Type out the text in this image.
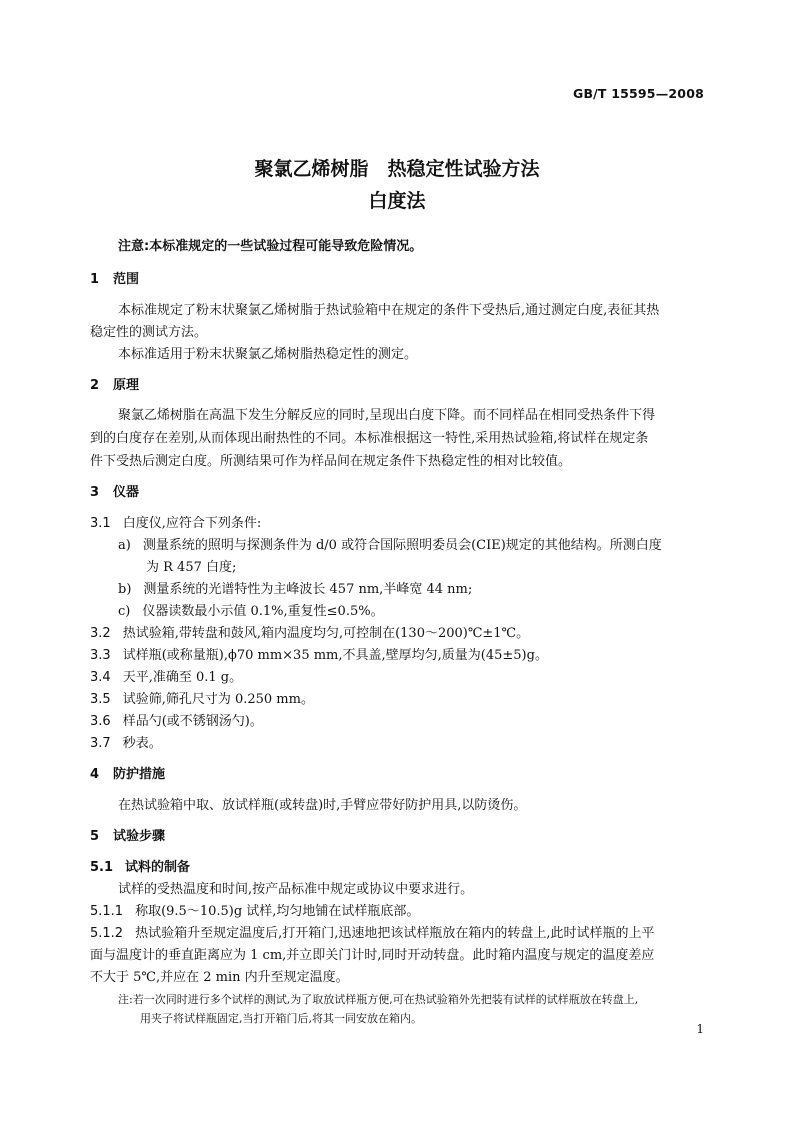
GB/T 15595—2008
聚氯乙烯树脂　热稳定性试验方法
白度法
注意:本标准规定的一些试验过程可能导致危险情况。
1 范围
本标准规定了粉末状聚氯乙烯树脂于热试验箱中在规定的条件下受热后,通过测定白度,表征其热
稳定性的测试方法。
本标准适用于粉末状聚氯乙烯树脂热稳定性的测定。
2 原理
聚氯乙烯树脂在高温下发生分解反应的同时,呈现出白度下降。而不同样品在相同受热条件下得
到的白度存在差别,从而体现出耐热性的不同。本标准根据这一特性,采用热试验箱,将试样在规定条
件下受热后测定白度。所测结果可作为样品间在规定条件下热稳定性的相对比较值。
3 仪器
3.1 白度仪,应符合下列条件:
a) 测量系统的照明与探测条件为 d/0 或符合国际照明委员会(CIE)规定的其他结构。所测白度
为 R 457 白度;
b) 测量系统的光谱特性为主峰波长 457 nm,半峰宽 44 nm;
c) 仪器读数最小示值 0.1%,重复性≤0.5%。
3.2 热试验箱,带转盘和鼓风,箱内温度均匀,可控制在(130～200)℃±1℃。
3.3 试样瓶(或称量瓶),ϕ70 mm×35 mm,不具盖,壁厚均匀,质量为(45±5)g。
3.4 天平,准确至 0.1 g。
3.5 试验筛,筛孔尺寸为 0.250 mm。
3.6 样品勺(或不锈钢汤勺)。
3.7 秒表。
4 防护措施
在热试验箱中取、放试样瓶(或转盘)时,手臂应带好防护用具,以防烫伤。
5 试验步骤
5.1 试料的制备
试样的受热温度和时间,按产品标准中规定或协议中要求进行。
5.1.1 称取(9.5～10.5)g 试样,均匀地铺在试样瓶底部。
5.1.2 热试验箱升至规定温度后,打开箱门,迅速地把该试样瓶放在箱内的转盘上,此时试样瓶的上平
面与温度计的垂直距离应为 1 cm,并立即关门计时,同时开动转盘。此时箱内温度与规定的温度差应
不大于 5℃,并应在 2 min 内升至规定温度。
注:若一次同时进行多个试样的测试,为了取放试样瓶方便,可在热试验箱外先把装有试样的试样瓶放在转盘上,
用夹子将试样瓶固定,当打开箱门后,将其一同安放在箱内。
1
